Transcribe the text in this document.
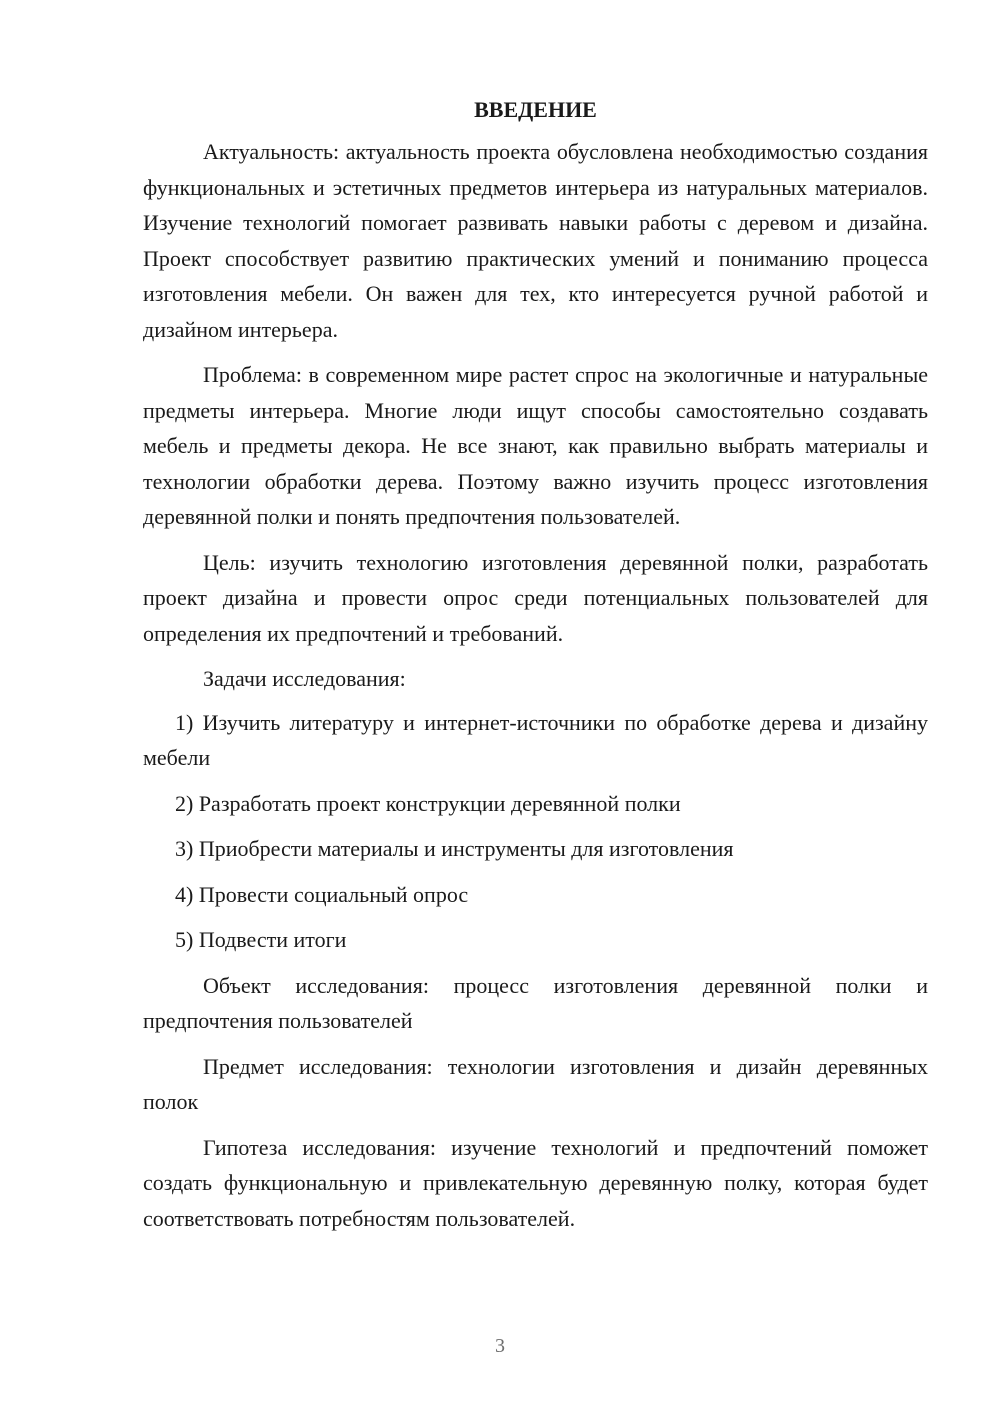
ВВЕДЕНИЕ

Актуальность: актуальность проекта обусловлена необходимостью создания функциональных и эстетичных предметов интерьера из натуральных материалов. Изучение технологий помогает развивать навыки работы с деревом и дизайна. Проект способствует развитию практических умений и пониманию процесса изготовления мебели. Он важен для тех, кто интересуется ручной работой и дизайном интерьера.

Проблема: в современном мире растет спрос на экологичные и натуральные предметы интерьера. Многие люди ищут способы самостоятельно создавать мебель и предметы декора. Не все знают, как правильно выбрать материалы и технологии обработки дерева. Поэтому важно изучить процесс изготовления деревянной полки и понять предпочтения пользователей.

Цель: изучить технологию изготовления деревянной полки, разработать проект дизайна и провести опрос среди потенциальных пользователей для определения их предпочтений и требований.

Задачи исследования:

1) Изучить литературу и интернет-источники по обработке дерева и дизайну мебели

2) Разработать проект конструкции деревянной полки

3) Приобрести материалы и инструменты для изготовления

4) Провести социальный опрос

5) Подвести итоги

Объект исследования: процесс изготовления деревянной полки и предпочтения пользователей

Предмет исследования: технологии изготовления и дизайн деревянных полок

Гипотеза исследования: изучение технологий и предпочтений поможет создать функциональную и привлекательную деревянную полку, которая будет соответствовать потребностям пользователей.

3
